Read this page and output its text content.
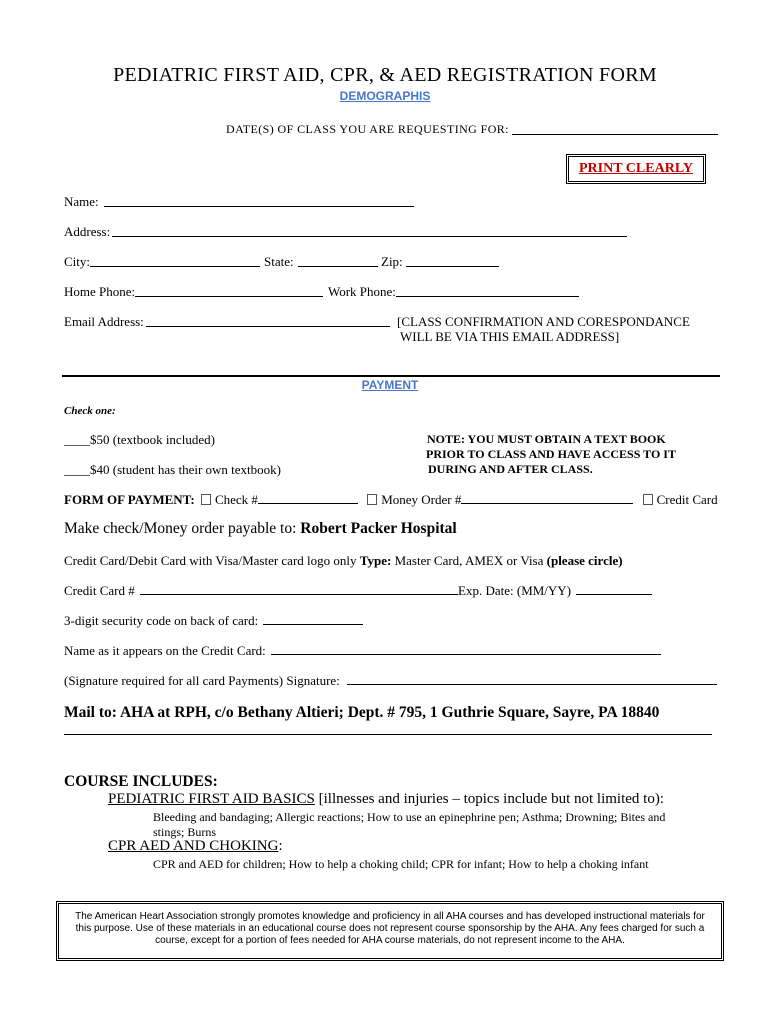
PEDIATRIC FIRST AID, CPR, & AED REGISTRATION FORM
DEMOGRAPHIS
DATE(S) OF CLASS YOU ARE REQUESTING FOR:
PRINT CLEARLY
Name:
Address:
City:	State:	Zip:
Home Phone:	Work Phone:
Email Address:	[CLASS CONFIRMATION AND CORESPONDANCE
WILL BE VIA THIS EMAIL ADDRESS]
PAYMENT
Check one:
____$50 (textbook included)
____$40 (student has their own textbook)
NOTE: YOU MUST OBTAIN A TEXT BOOK
PRIOR TO CLASS AND HAVE ACCESS TO IT
DURING AND AFTER CLASS.
FORM OF PAYMENT: Check #	Money Order #	Credit Card
Make check/Money order payable to: Robert Packer Hospital
Credit Card/Debit Card with Visa/Master card logo only Type: Master Card, AMEX or Visa (please circle)
Credit Card #	Exp. Date: (MM/YY)
3-digit security code on back of card:
Name as it appears on the Credit Card:
(Signature required for all card Payments) Signature:
Mail to: AHA at RPH, c/o Bethany Altieri; Dept. # 795, 1 Guthrie Square, Sayre, PA 18840
COURSE INCLUDES:
PEDIATRIC FIRST AID BASICS [illnesses and injuries – topics include but not limited to):
Bleeding and bandaging; Allergic reactions; How to use an epinephrine pen; Asthma; Drowning; Bites and
stings; Burns
CPR AED AND CHOKING:
CPR and AED for children; How to help a choking child; CPR for infant; How to help a choking infant
The American Heart Association strongly promotes knowledge and proficiency in all AHA courses and has developed instructional materials for this purpose. Use of these materials in an educational course does not represent course sponsorship by the AHA. Any fees charged for such a course, except for a portion of fees needed for AHA course materials, do not represent income to the AHA.
